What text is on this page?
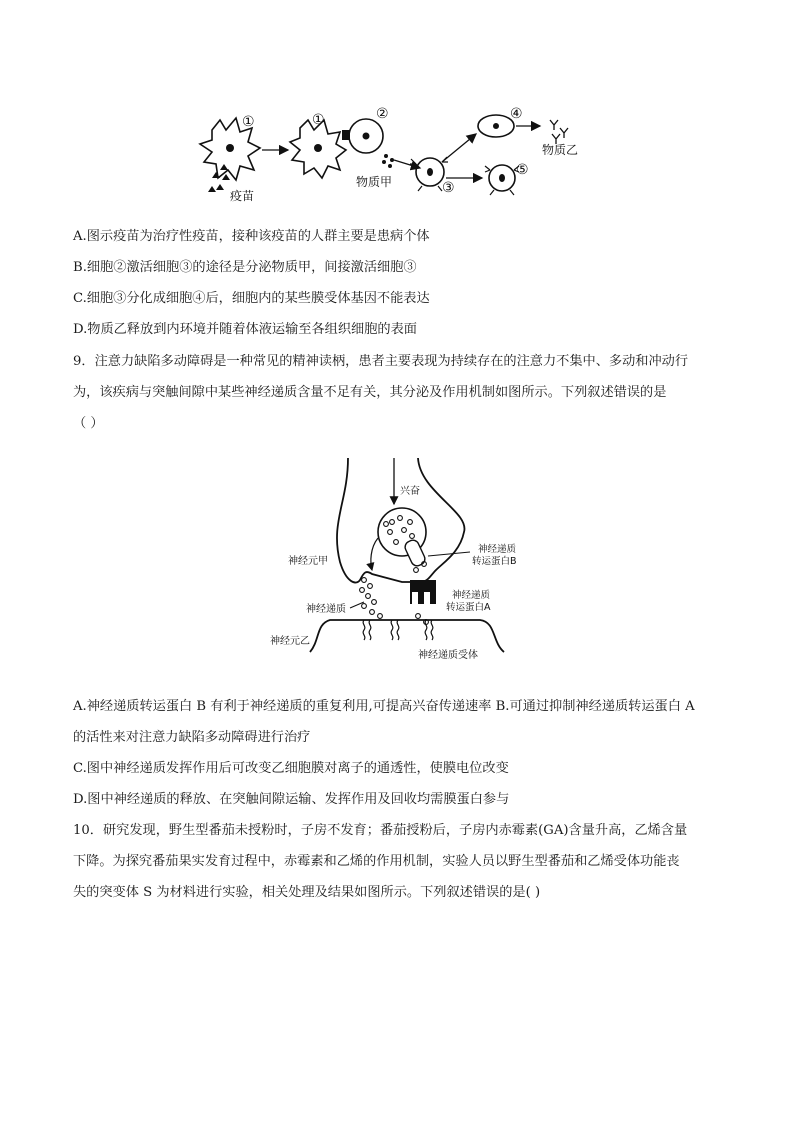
①
疫苗
①	②
物质甲	③
④
物质乙
⑤
A.图示疫苗为治疗性疫苗，接种该疫苗的人群主要是患病个体
B.细胞②激活细胞③的途径是分泌物质甲，间接激活细胞③
C.细胞③分化成细胞④后，细胞内的某些膜受体基因不能表达
D.物质乙释放到内环境并随着体液运输至各组织细胞的表面
9．注意力缺陷多动障碍是一种常见的精神读柄，患者主要表现为持续存在的注意力不集中、多动和冲动行
为，该疾病与突触间隙中某些神经递质含量不足有关，其分泌及作用机制如图所示。下列叙述错误的是
（ ）
兴奋
神经递质
转运蛋白B
神经元甲
神经递质
转运蛋白A
神经递质
神经元乙
神经递质受体
A.神经递质转运蛋白 B 有利于神经递质的重复利用,可提高兴奋传递速率 B.可通过抑制神经递质转运蛋白 A
的活性来对注意力缺陷多动障碍进行治疗
C.图中神经递质发挥作用后可改变乙细胞膜对离子的通透性，使膜电位改变
D.图中神经递质的释放、在突触间隙运输、发挥作用及回收均需膜蛋白参与
10．研究发现，野生型番茄未授粉时，子房不发育；番茄授粉后，子房内赤霉素(GA)含量升高，乙烯含量
下降。为探究番茄果实发育过程中，赤霉素和乙烯的作用机制，实验人员以野生型番茄和乙烯受体功能丧
失的突变体 S 为材料进行实验，相关处理及结果如图所示。下列叙述错误的是( )
